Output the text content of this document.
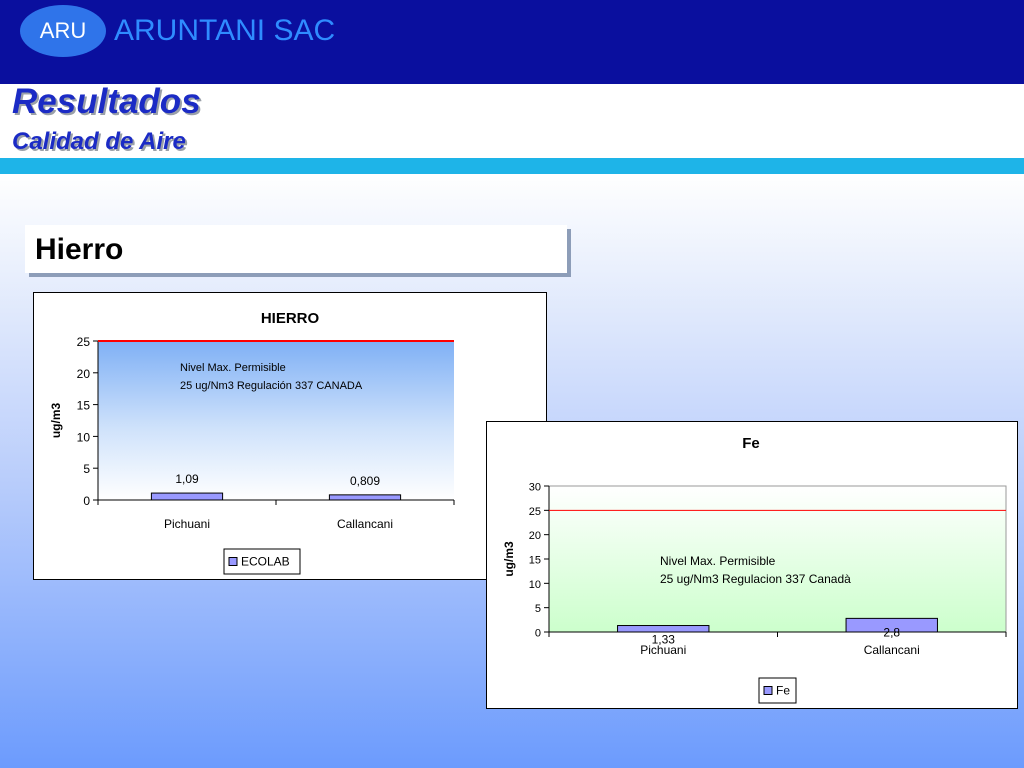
ARU ARUNTANI SAC
Resultados
Calidad de Aire
Hierro
HIERRO
0
5
10
15
20
25
ug/m3
1,09
Pichuani
0,809
Callancani
Nivel Max. Permisible
25 ug/Nm3 Regulación 337 CANADA
ECOLAB
Fe
0
5
10
15
20
25
30
ug/m3
1,33
Pichuani
2,8
Callancani
Nivel Max. Permisible
25 ug/Nm3 Regulacion 337 Canadà
Fe
